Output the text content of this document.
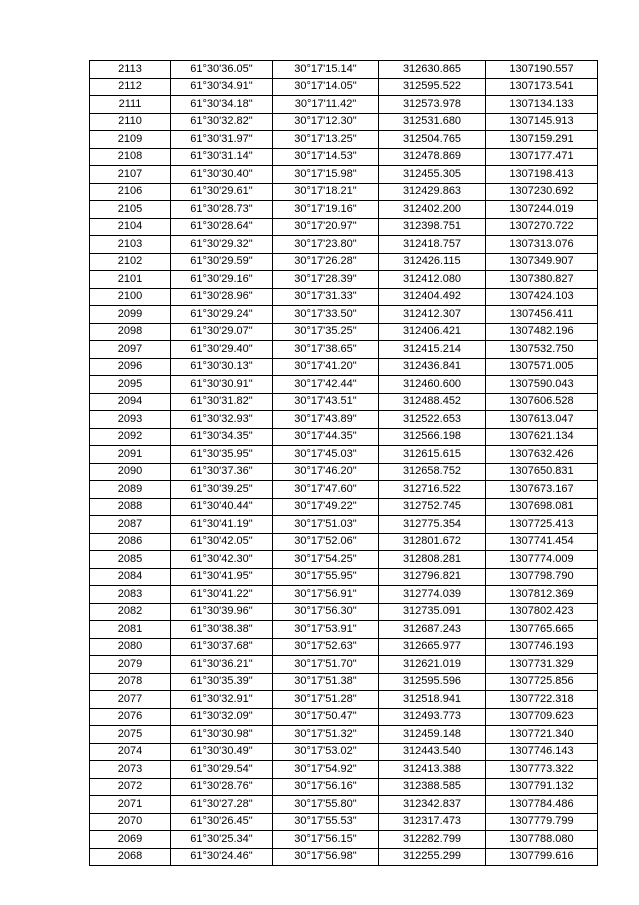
2113	61°30'36.05"	30°17'15.14"	312630.865	1307190.557
2112	61°30'34.91"	30°17'14.05"	312595.522	1307173.541
2111	61°30'34.18"	30°17'11.42"	312573.978	1307134.133
2110	61°30'32.82"	30°17'12.30"	312531.680	1307145.913
2109	61°30'31.97"	30°17'13.25"	312504.765	1307159.291
2108	61°30'31.14"	30°17'14.53"	312478.869	1307177.471
2107	61°30'30.40"	30°17'15.98"	312455.305	1307198.413
2106	61°30'29.61"	30°17'18.21"	312429.863	1307230.692
2105	61°30'28.73"	30°17'19.16"	312402.200	1307244.019
2104	61°30'28.64"	30°17'20.97"	312398.751	1307270.722
2103	61°30'29.32"	30°17'23.80"	312418.757	1307313.076
2102	61°30'29.59"	30°17'26.28"	312426.115	1307349.907
2101	61°30'29.16"	30°17'28.39"	312412.080	1307380.827
2100	61°30'28.96"	30°17'31.33"	312404.492	1307424.103
2099	61°30'29.24"	30°17'33.50"	312412.307	1307456.411
2098	61°30'29.07"	30°17'35.25"	312406.421	1307482.196
2097	61°30'29.40"	30°17'38.65"	312415.214	1307532.750
2096	61°30'30.13"	30°17'41.20"	312436.841	1307571.005
2095	61°30'30.91"	30°17'42.44"	312460.600	1307590.043
2094	61°30'31.82"	30°17'43.51"	312488.452	1307606.528
2093	61°30'32.93"	30°17'43.89"	312522.653	1307613.047
2092	61°30'34.35"	30°17'44.35"	312566.198	1307621.134
2091	61°30'35.95"	30°17'45.03"	312615.615	1307632.426
2090	61°30'37.36"	30°17'46.20"	312658.752	1307650.831
2089	61°30'39.25"	30°17'47.60"	312716.522	1307673.167
2088	61°30'40.44"	30°17'49.22"	312752.745	1307698.081
2087	61°30'41.19"	30°17'51.03"	312775.354	1307725.413
2086	61°30'42.05"	30°17'52.06"	312801.672	1307741.454
2085	61°30'42.30"	30°17'54.25"	312808.281	1307774.009
2084	61°30'41.95"	30°17'55.95"	312796.821	1307798.790
2083	61°30'41.22"	30°17'56.91"	312774.039	1307812.369
2082	61°30'39.96"	30°17'56.30"	312735.091	1307802.423
2081	61°30'38.38"	30°17'53.91"	312687.243	1307765.665
2080	61°30'37.68"	30°17'52.63"	312665.977	1307746.193
2079	61°30'36.21"	30°17'51.70"	312621.019	1307731.329
2078	61°30'35.39"	30°17'51.38"	312595.596	1307725.856
2077	61°30'32.91"	30°17'51.28"	312518.941	1307722.318
2076	61°30'32.09"	30°17'50.47"	312493.773	1307709.623
2075	61°30'30.98"	30°17'51.32"	312459.148	1307721.340
2074	61°30'30.49"	30°17'53.02"	312443.540	1307746.143
2073	61°30'29.54"	30°17'54.92"	312413.388	1307773.322
2072	61°30'28.76"	30°17'56.16"	312388.585	1307791.132
2071	61°30'27.28"	30°17'55.80"	312342.837	1307784.486
2070	61°30'26.45"	30°17'55.53"	312317.473	1307779.799
2069	61°30'25.34"	30°17'56.15"	312282.799	1307788.080
2068	61°30'24.46"	30°17'56.98"	312255.299	1307799.616
